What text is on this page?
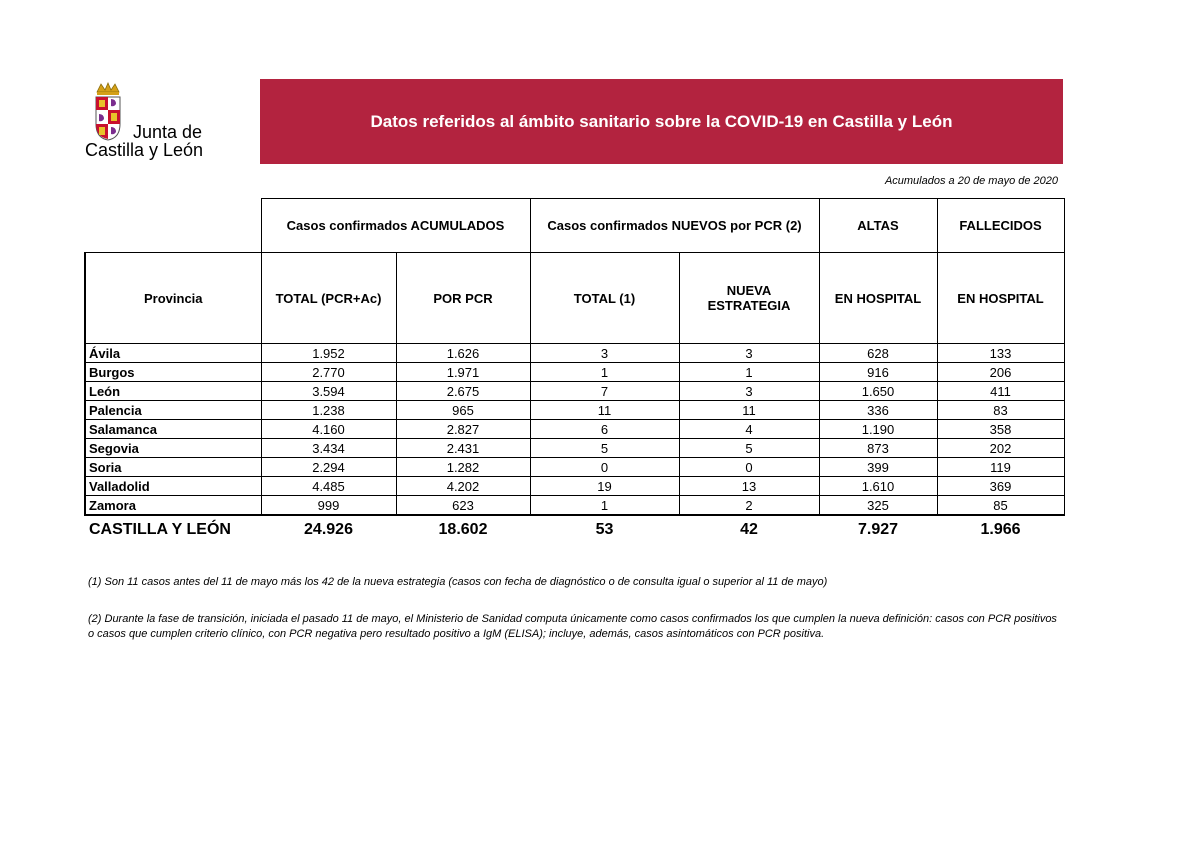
Junta de
Castilla y León
Datos referidos al ámbito sanitario sobre la COVID-19 en Castilla y León
Acumulados a 20 de mayo de 2020
	Casos confirmados ACUMULADOS		Casos confirmados NUEVOS por PCR (2)		ALTAS	FALLECIDOS
Provincia	TOTAL (PCR+Ac)	POR PCR	TOTAL (1)	NUEVA ESTRATEGIA	EN HOSPITAL	EN HOSPITAL
Ávila	1.952	1.626	3	3	628	133
Burgos	2.770	1.971	1	1	916	206
León	3.594	2.675	7	3	1.650	411
Palencia	1.238	965	11	11	336	83
Salamanca	4.160	2.827	6	4	1.190	358
Segovia	3.434	2.431	5	5	873	202
Soria	2.294	1.282	0	0	399	119
Valladolid	4.485	4.202	19	13	1.610	369
Zamora	999	623	1	2	325	85
CASTILLA Y LEÓN	24.926	18.602	53	42	7.927	1.966
(1) Son 11 casos antes del 11 de mayo más los 42 de la nueva estrategia (casos con fecha de diagnóstico o de consulta igual o superior al 11 de mayo)
(2) Durante la fase de transición, iniciada el pasado 11 de mayo, el Ministerio de Sanidad computa únicamente como casos confirmados los que cumplen la nueva definición: casos con PCR positivos o casos que cumplen criterio clínico, con PCR negativa pero resultado positivo a IgM (ELISA); incluye, además, casos asintomáticos con PCR positiva.
